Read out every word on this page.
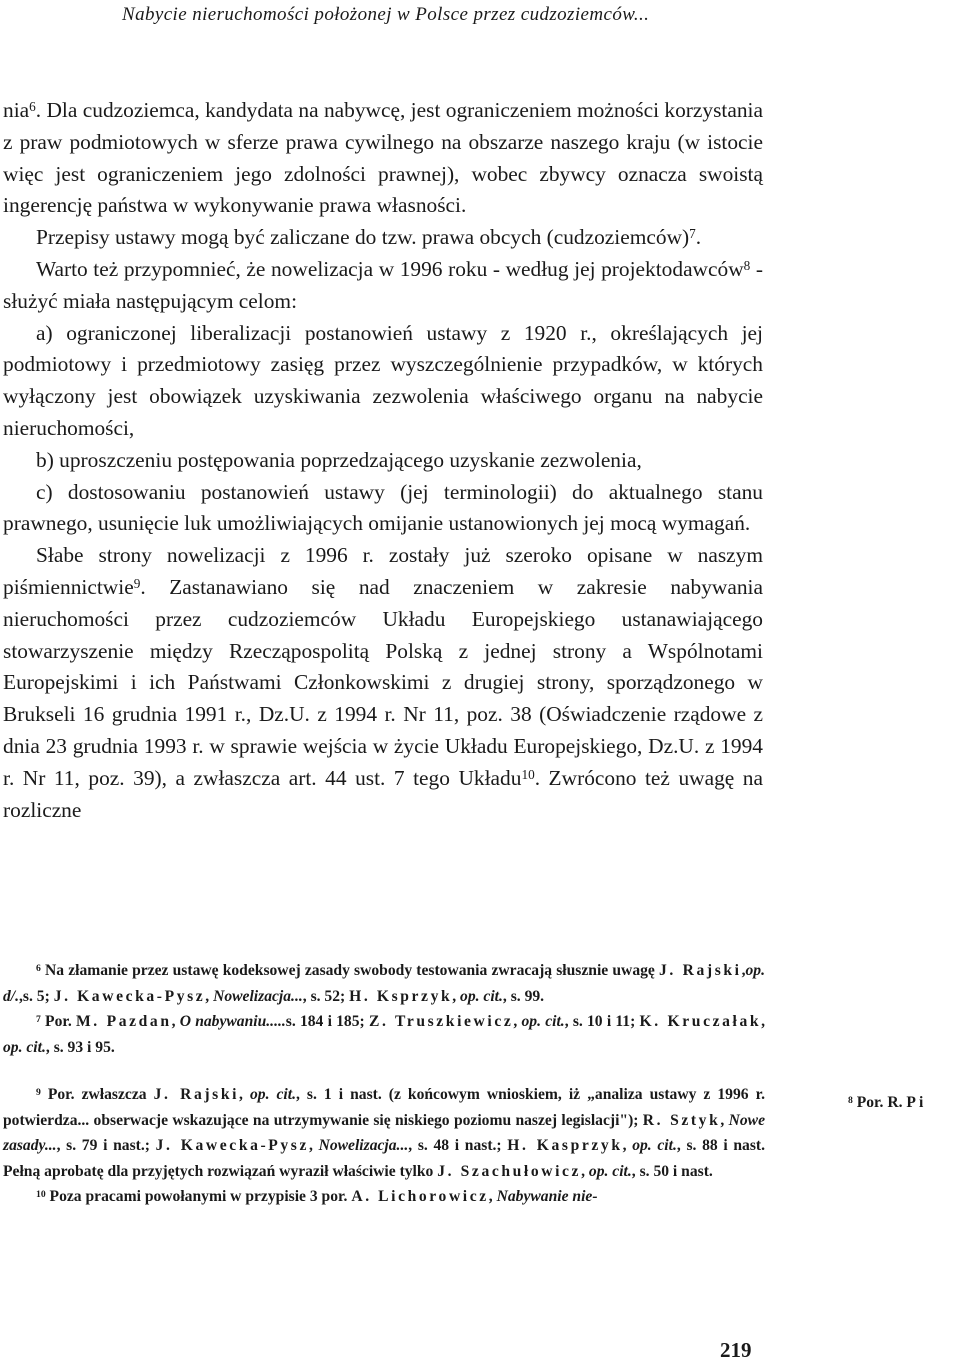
Nabycie nieruchomości położonej w Polsce przez cudzoziemców...

nia$^6$. Dla cudzoziemca, kandydata na nabywcę, jest ograniczeniem możności korzystania z praw podmiotowych w sferze prawa cywilnego na obszarze naszego kraju (w istocie więc jest ograniczeniem jego zdolności prawnej), wobec zbywcy oznacza swoistą ingerencję państwa w wykonywanie prawa własności.

Przepisy ustawy mogą być zaliczane do tzw. prawa obcych (cudzoziemców)$^7$.

Warto też przypomnieć, że nowelizacja w 1996 roku - według jej projektodawców$^8$ - służyć miała następującym celom:

a) ograniczonej liberalizacji postanowień ustawy z 1920 r., określających jej podmiotowy i przedmiotowy zasięg przez wyszczególnienie przypadków, w których wyłączony jest obowiązek uzyskiwania zezwolenia właściwego organu na nabycie nieruchomości,

b) uproszczeniu postępowania poprzedzającego uzyskanie zezwolenia,

c) dostosowaniu postanowień ustawy (jej terminologii) do aktualnego stanu prawnego, usunięcie luk umożliwiających omijanie ustanowionych jej mocą wymagań.

Słabe strony nowelizacji z 1996 r. zostały już szeroko opisane w naszym piśmiennictwie$^9$. Zastanawiano się nad znaczeniem w zakresie nabywania nieruchomości przez cudzoziemców Układu Europejskiego ustanawiającego stowarzyszenie między Rzecząpospolitą Polską z jednej strony a Wspólnotami Europejskimi i ich Państwami Członkowskimi z drugiej strony, sporządzonego w Brukseli 16 grudnia 1991 r., Dz.U. z 1994 r. Nr 11, poz. 38 (Oświadczenie rządowe z dnia 23 grudnia 1993 r. w sprawie wejścia w życie Układu Europejskiego, Dz.U. z 1994 r. Nr 11, poz. 39), a zwłaszcza art. 44 ust. 7 tego Układu$^{10}$. Zwrócono też uwagę na rozliczne

$^6$ Na złamanie przez ustawę kodeksowej zasady swobody testowania zwracają słusznie uwagę J. Rajski,op. d/.,s. 5; J. Kawecka-Pysz, Nowelizacja..., s. 52; H. Ksprzyk, op. cit., s. 99.

$^7$ Por. M. Pazdan, O nabywaniu.....s. 184 i 185; Z. Truszkiewicz, op. cit., s. 10 i 11; K. Kruczałak, op. cit., s. 93 i 95.

$^9$ Por. zwłaszcza J. Rajski, op. cit., s. 1 i nast. (z końcowym wnioskiem, iż „analiza ustawy z 1996 r. potwierdza... obserwacje wskazujące na utrzymywanie się niskiego poziomu naszej legislacji"); R. Sztyk, Nowe zasady..., s. 79 i nast.; J. Kawecka-Pysz, Nowelizacja..., s. 48 i nast.; H. Kasprzyk, op. cit., s. 88 i nast. Pełną aprobatę dla przyjętych rozwiązań wyraził właściwie tylko J. Szachułowicz, op. cit., s. 50 i nast.

$^{10}$ Poza pracami powołanymi w przypisie 3 por. A. Lichorowicz, Nabywanie nie-

$^8$ Por. R. P i
219
